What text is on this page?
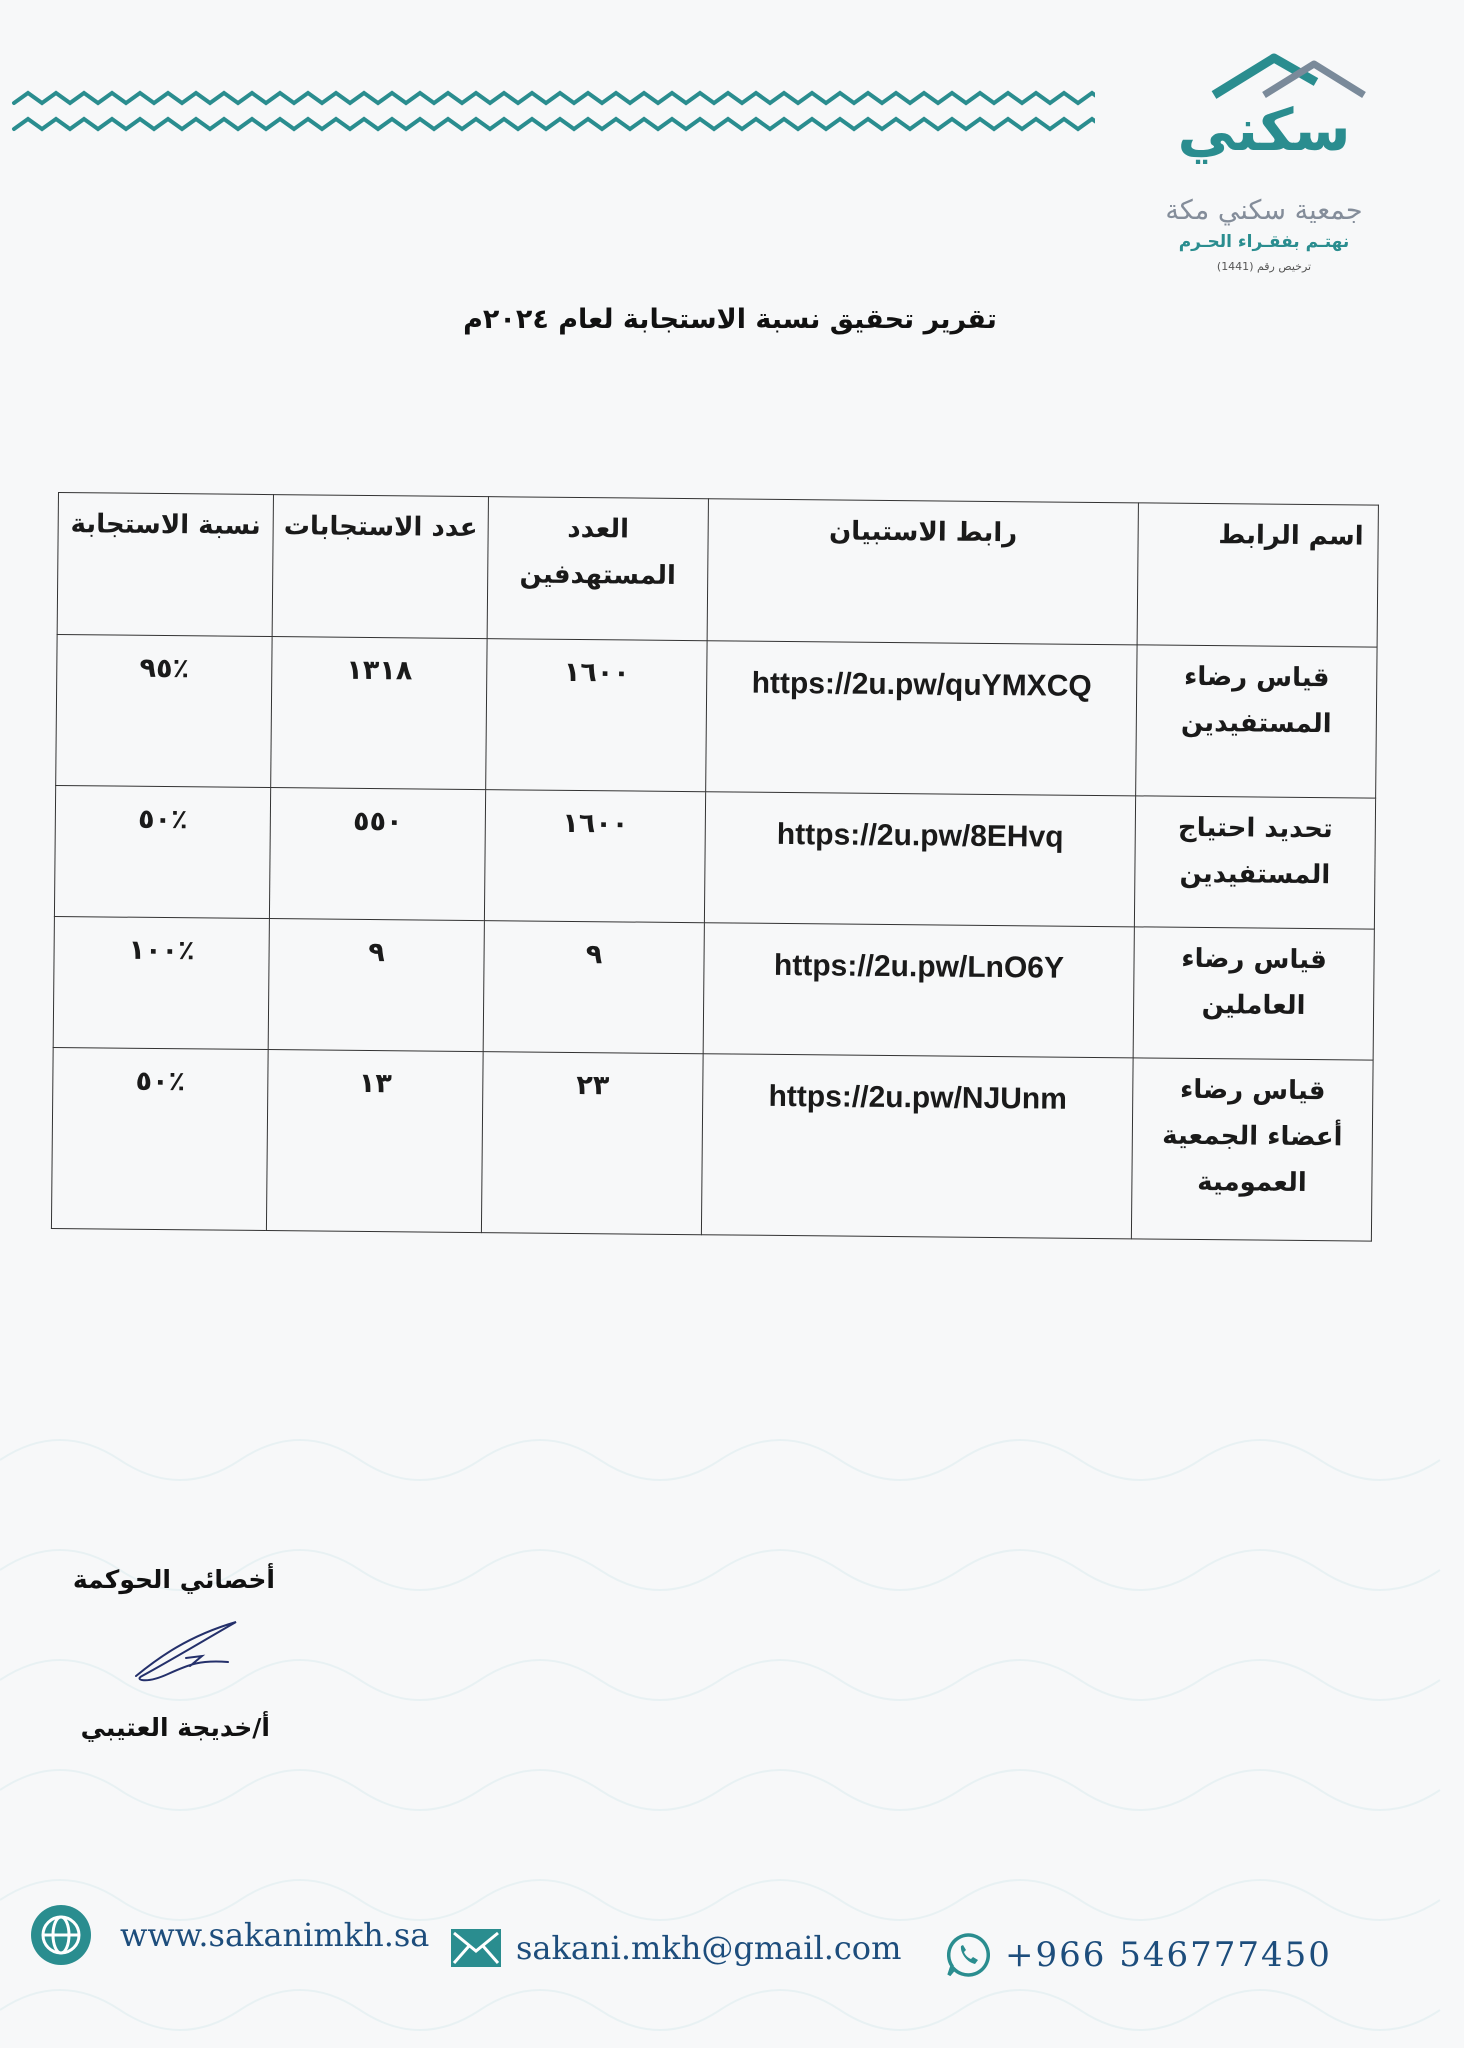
سكني
جمعية سكني مكة
نهتـم بفقـراء الحـرم
ترخيص رقم (1441)
تقرير تحقيق نسبة الاستجابة لعام ٢٠٢٤م
اسم الرابط	رابط الاستبيان	العدد المستهدفين	عدد الاستجابات	نسبة الاستجابة
قياس رضاء المستفيدين	https://2u.pw/quYMXCQ	١٦٠٠	١٣١٨	٪٩٥
تحديد احتياج المستفيدين	https://2u.pw/8EHvq	١٦٠٠	٥٥٠	٪٥٠
قياس رضاء العاملين	https://2u.pw/LnO6Y	٩	٩	٪١٠٠
قياس رضاء أعضاء الجمعية العمومية	https://2u.pw/NJUnm	٢٣	١٣	٪٥٠
أخصائي الحوكمة
أ/خديجة العتيبي
www.sakanimkh.sa	sakani.mkh@gmail.com	+966 546777450
